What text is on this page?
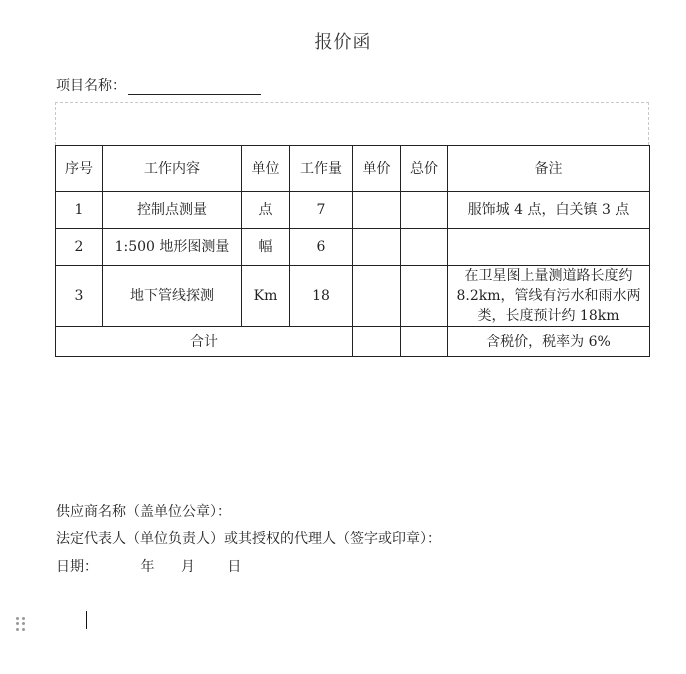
报价函
项目名称：
序号	工作内容	单位	工作量	单价	总价	备注
1	控制点测量	点	7			服饰城 4 点，白关镇 3 点
2	1:500 地形图测量	幅	6			
3	地下管线探测	Km	18			在卫星图上量测道路长度约 8.2km，管线有污水和雨水两类，长度预计约 18km
合计						含税价，税率为 6%
供应商名称（盖单位公章）：
法定代表人（单位负责人）或其授权的代理人（签字或印章）：
日期：	年 月 日
